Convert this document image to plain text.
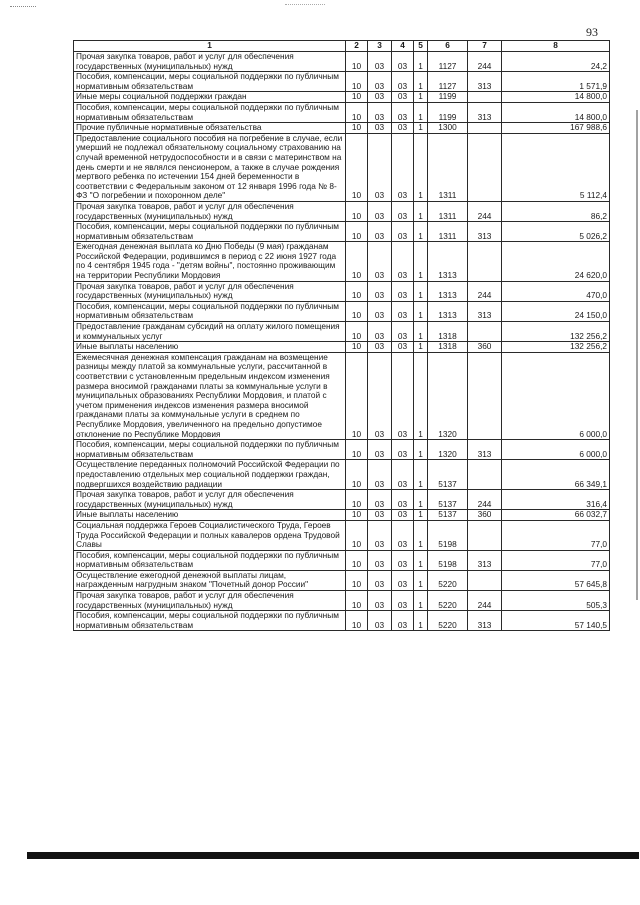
93
1	2	3	4	5	6	7	8
Прочая закупка товаров, работ и услуг для обеспечения государственных (муниципальных) нужд	10	03	03	1	1127	244	24,2
Пособия, компенсации, меры социальной поддержки по публичным нормативным обязательствам	10	03	03	1	1127	313	1 571,9
Иные меры социальной поддержки граждан	10	03	03	1	1199		14 800,0
Пособия, компенсации, меры социальной поддержки по публичным нормативным обязательствам	10	03	03	1	1199	313	14 800,0
Прочие публичные нормативные обязательства	10	03	03	1	1300		167 988,6
Предоставление социального пособия на погребение в случае, если умерший не подлежал обязательному социальному страхованию на случай временной нетрудоспособности и в связи с материнством на день смерти и не являлся пенсионером, а также в случае рождения мертвого ребенка по истечении 154 дней беременности в соответствии с Федеральным законом от 12 января 1996 года № 8-ФЗ "О погребении и похоронном деле"	10	03	03	1	1311		5 112,4
Прочая закупка товаров, работ и услуг для обеспечения государственных (муниципальных) нужд	10	03	03	1	1311	244	86,2
Пособия, компенсации, меры социальной поддержки по публичным нормативным обязательствам	10	03	03	1	1311	313	5 026,2
Ежегодная денежная выплата ко Дню Победы (9 мая) гражданам Российской Федерации, родившимся в период с 22 июня 1927 года по 4 сентября 1945 года - "детям войны", постоянно проживающим на территории Республики Мордовия	10	03	03	1	1313		24 620,0
Прочая закупка товаров, работ и услуг для обеспечения государственных (муниципальных) нужд	10	03	03	1	1313	244	470,0
Пособия, компенсации, меры социальной поддержки по публичным нормативным обязательствам	10	03	03	1	1313	313	24 150,0
Предоставление гражданам субсидий на оплату жилого помещения и коммунальных услуг	10	03	03	1	1318		132 256,2
Иные выплаты населению	10	03	03	1	1318	360	132 256,2
Ежемесячная денежная компенсация гражданам на возмещение разницы между платой за коммунальные услуги, рассчитанной в соответствии с установленным предельным индексом изменения размера вносимой гражданами платы за коммунальные услуги в муниципальных образованиях Республики Мордовия, и платой с учетом применения индексов изменения размера вносимой гражданами платы за коммунальные услуги в среднем по Республике Мордовия, увеличенного на предельно допустимое отклонение по Республике Мордовия	10	03	03	1	1320		6 000,0
Пособия, компенсации, меры социальной поддержки по публичным нормативным обязательствам	10	03	03	1	1320	313	6 000,0
Осуществление переданных полномочий Российской Федерации по предоставлению отдельных мер социальной поддержки граждан, подвергшихся воздействию радиации	10	03	03	1	5137		66 349,1
Прочая закупка товаров, работ и услуг для обеспечения государственных (муниципальных) нужд	10	03	03	1	5137	244	316,4
Иные выплаты населению	10	03	03	1	5137	360	66 032,7
Социальная поддержка Героев Социалистического Труда, Героев Труда Российской Федерации и полных кавалеров ордена Трудовой Славы	10	03	03	1	5198		77,0
Пособия, компенсации, меры социальной поддержки по публичным нормативным обязательствам	10	03	03	1	5198	313	77,0
Осуществление ежегодной денежной выплаты лицам, награжденным нагрудным знаком "Почетный донор России"	10	03	03	1	5220		57 645,8
Прочая закупка товаров, работ и услуг для обеспечения государственных (муниципальных) нужд	10	03	03	1	5220	244	505,3
Пособия, компенсации, меры социальной поддержки по публичным нормативным обязательствам	10	03	03	1	5220	313	57 140,5
